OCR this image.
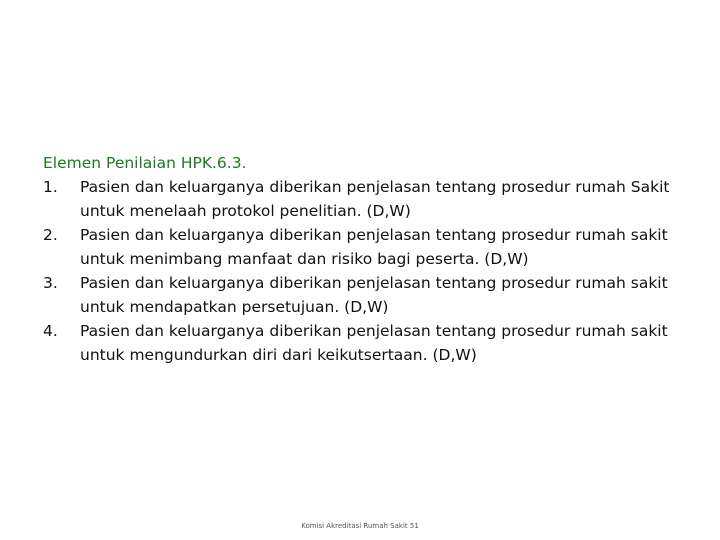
Elemen Penilaian HPK.6.3.
1.	Pasien dan keluarganya diberikan penjelasan tentang prosedur rumah Sakit untuk menelaah protokol penelitian. (D,W)
2.	Pasien dan keluarganya diberikan penjelasan tentang prosedur rumah sakit untuk menimbang manfaat dan risiko bagi peserta. (D,W)
3.	Pasien dan keluarganya diberikan penjelasan tentang prosedur rumah sakit untuk mendapatkan persetujuan. (D,W)
4.	Pasien dan keluarganya diberikan penjelasan tentang prosedur rumah sakit untuk mengundurkan diri dari keikutsertaan. (D,W)
Komisi Akreditasi Rumah Sakit 51
